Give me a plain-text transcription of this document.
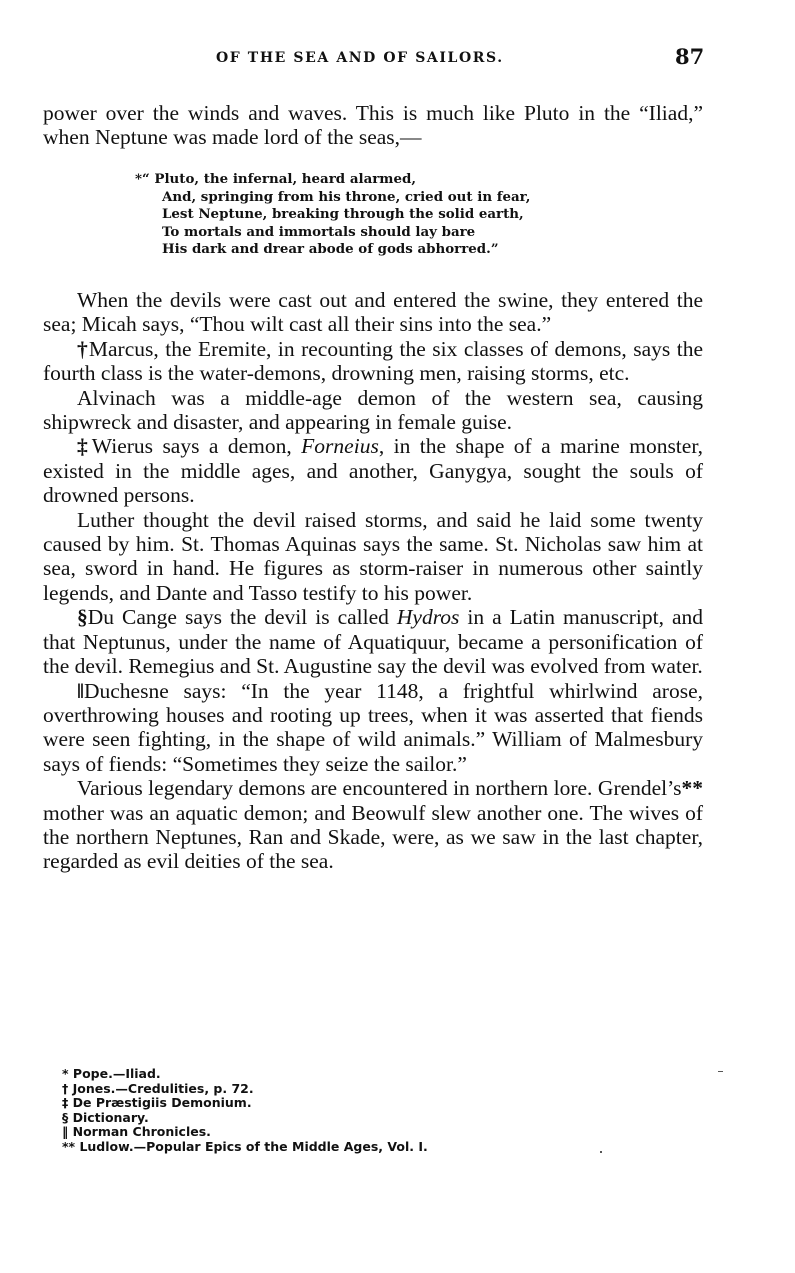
OF THE SEA AND OF SAILORS.	87

power over the winds and waves. This is much like Pluto in the “Iliad,” when Neptune was made lord of the seas,—

*“ Pluto, the infernal, heard alarmed,
And, springing from his throne, cried out in fear,
Lest Neptune, breaking through the solid earth,
To mortals and immortals should lay bare
His dark and drear abode of gods abhorred.”

When the devils were cast out and entered the swine, they entered the sea; Micah says, “Thou wilt cast all their sins into the sea.”

†Marcus, the Eremite, in recounting the six classes of demons, says the fourth class is the water-demons, drowning men, raising storms, etc.

Alvinach was a middle-age demon of the western sea, causing shipwreck and disaster, and appearing in female guise.

‡Wierus says a demon, Forneius, in the shape of a marine monster, existed in the middle ages, and another, Ganygya, sought the souls of drowned persons.

Luther thought the devil raised storms, and said he laid some twenty caused by him. St. Thomas Aquinas says the same. St. Nicholas saw him at sea, sword in hand. He figures as storm-raiser in numerous other saintly legends, and Dante and Tasso testify to his power.

§Du Cange says the devil is called Hydros in a Latin manuscript, and that Neptunus, under the name of Aquatiquur, became a personification of the devil. Remegius and St. Augustine say the devil was evolved from water.

‖Duchesne says: “In the year 1148, a frightful whirlwind arose, overthrowing houses and rooting up trees, when it was asserted that fiends were seen fighting, in the shape of wild animals.” William of Malmesbury says of fiends: “Sometimes they seize the sailor.”

Various legendary demons are encountered in northern lore. Grendel’s** mother was an aquatic demon; and Beowulf slew another one. The wives of the northern Neptunes, Ran and Skade, were, as we saw in the last chapter, regarded as evil deities of the sea.

* Pope.—Iliad.
† Jones.—Credulities, p. 72.
‡ De Præstigiis Demonium.
§ Dictionary.
‖ Norman Chronicles.
** Ludlow.—Popular Epics of the Middle Ages, Vol. I.
